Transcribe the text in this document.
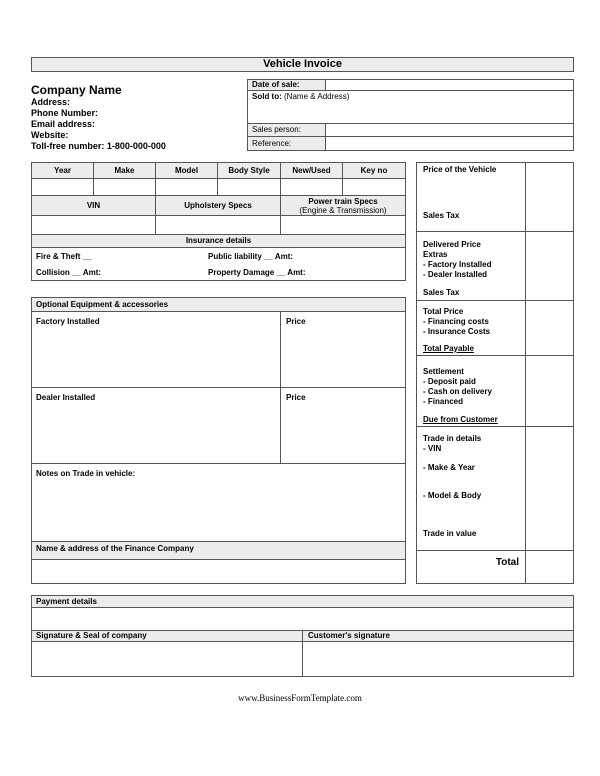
Vehicle Invoice
Company Name
Address:
Phone Number:
Email address:
Website:
Toll-free number: 1-800-000-000
Date of sale:
Sold to: (Name & Address)
Sales person:
Reference:
Year	Make	Model	Body Style	New/Used	Key no
VIN	Upholstery Specs	Power train Specs
(Engine & Transmission)
Insurance details
Fire & Theft __	Public liability __ Amt:
Collision __ Amt:	Property Damage __ Amt:
Optional Equipment & accessories
Factory Installed	Price
Dealer Installed	Price
Notes on Trade in vehicle:
Name & address of the Finance Company
Price of the Vehicle
Sales Tax
Delivered Price
Extras
- Factory Installed
- Dealer Installed
Sales Tax
Total Price
- Financing costs
- Insurance Costs
Total Payable
Settlement
- Deposit paid
- Cash on delivery
- Financed
Due from Customer
Trade in details
- VIN
- Make & Year
- Model & Body
Trade in value
Total
Payment details
Signature & Seal of company	Customer's signature
www.BusinessFormTemplate.com
